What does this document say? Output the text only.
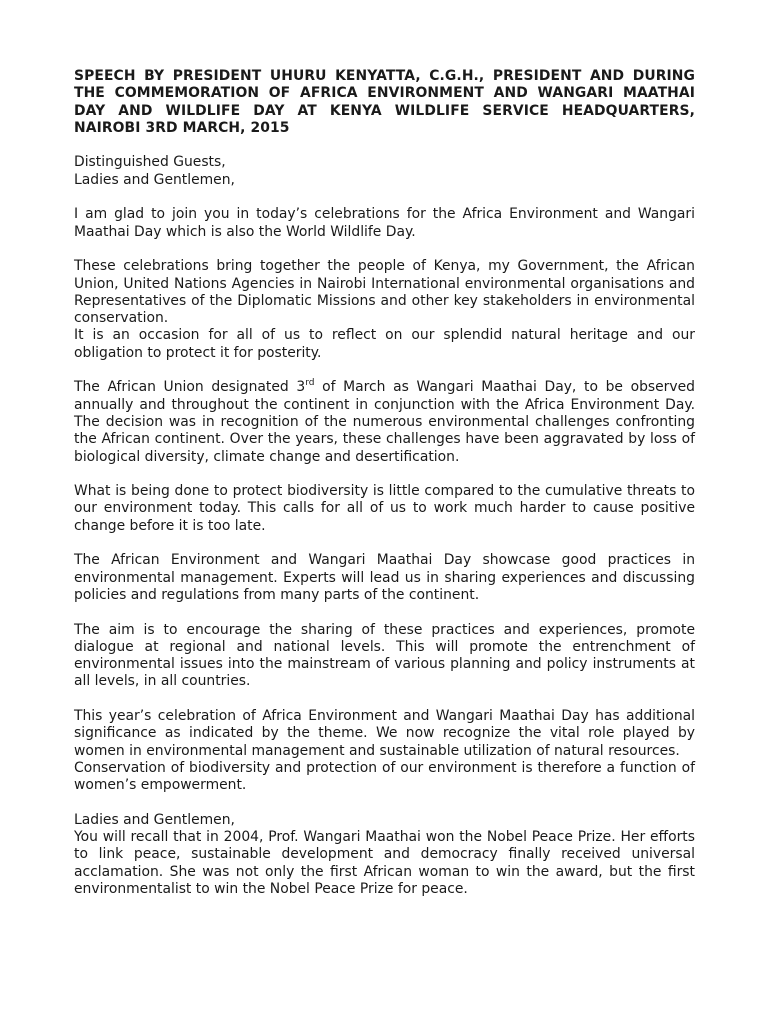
SPEECH BY PRESIDENT UHURU KENYATTA, C.G.H., PRESIDENT AND DURING THE COMMEMORATION OF AFRICA ENVIRONMENT AND WANGARI MAATHAI DAY AND WILDLIFE DAY AT KENYA WILDLIFE SERVICE HEADQUARTERS, NAIROBI 3RD MARCH, 2015

Distinguished Guests,
Ladies and Gentlemen,

I am glad to join you in today’s celebrations for the Africa Environment and Wangari Maathai Day which is also the World Wildlife Day.

These celebrations bring together the people of Kenya, my Government, the African Union, United Nations Agencies in Nairobi International environmental organisations and Representatives of the Diplomatic Missions and other key stakeholders in environmental conservation.

It is an occasion for all of us to reflect on our splendid natural heritage and our obligation to protect it for posterity.

The African Union designated 3rd of March as Wangari Maathai Day, to be observed annually and throughout the continent in conjunction with the Africa Environment Day. The decision was in recognition of the numerous environmental challenges confronting the African continent. Over the years, these challenges have been aggravated by loss of biological diversity, climate change and desertification.

What is being done to protect biodiversity is little compared to the cumulative threats to our environment today. This calls for all of us to work much harder to cause positive change before it is too late.

The African Environment and Wangari Maathai Day showcase good practices in environmental management. Experts will lead us in sharing experiences and discussing policies and regulations from many parts of the continent.

The aim is to encourage the sharing of these practices and experiences, promote dialogue at regional and national levels. This will promote the entrenchment of environmental issues into the mainstream of various planning and policy instruments at all levels, in all countries.

This year’s celebration of Africa Environment and Wangari Maathai Day has additional significance as indicated by the theme. We now recognize the vital role played by women in environmental management and sustainable utilization of natural resources.

Conservation of biodiversity and protection of our environment is therefore a function of women’s empowerment.

Ladies and Gentlemen,

You will recall that in 2004, Prof. Wangari Maathai won the Nobel Peace Prize. Her efforts to link peace, sustainable development and democracy finally received universal acclamation. She was not only the first African woman to win the award, but the first environmentalist to win the Nobel Peace Prize for peace.
